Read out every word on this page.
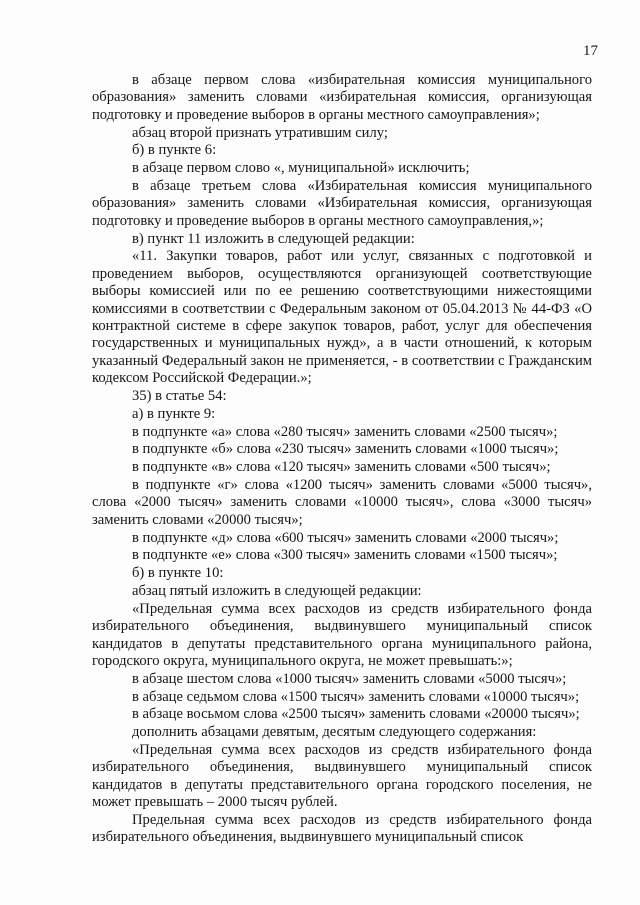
17

в абзаце первом слова «избирательная комиссия муниципального образования» заменить словами «избирательная комиссия, организующая подготовку и проведение выборов в органы местного самоуправления»;

абзац второй признать утратившим силу;

б) в пункте 6:

в абзаце первом слово «, муниципальной» исключить;

в абзаце третьем слова «Избирательная комиссия муниципального образования» заменить словами «Избирательная комиссия, организующая подготовку и проведение выборов в органы местного самоуправления,»;

в) пункт 11 изложить в следующей редакции:

«11. Закупки товаров, работ или услуг, связанных с подготовкой и проведением выборов, осуществляются организующей соответствующие выборы комиссией или по ее решению соответствующими нижестоящими комиссиями в соответствии с Федеральным законом от 05.04.2013 № 44-ФЗ «О контрактной системе в сфере закупок товаров, работ, услуг для обеспечения государственных и муниципальных нужд», а в части отношений, к которым указанный Федеральный закон не применяется, - в соответствии с Гражданским кодексом Российской Федерации.»;

35) в статье 54:

а) в пункте 9:

в подпункте «а» слова «280 тысяч» заменить словами «2500 тысяч»;

в подпункте «б» слова «230 тысяч» заменить словами «1000 тысяч»;

в подпункте «в» слова «120 тысяч» заменить словами «500 тысяч»;

в подпункте «г» слова «1200 тысяч» заменить словами «5000 тысяч», слова «2000 тысяч» заменить словами «10000 тысяч», слова «3000 тысяч» заменить словами «20000 тысяч»;

в подпункте «д» слова «600 тысяч» заменить словами «2000 тысяч»;

в подпункте «е» слова «300 тысяч» заменить словами «1500 тысяч»;

б) в пункте 10:

абзац пятый изложить в следующей редакции:

«Предельная сумма всех расходов из средств избирательного фонда избирательного объединения, выдвинувшего муниципальный список кандидатов в депутаты представительного органа муниципального района, городского округа, муниципального округа, не может превышать:»;

в абзаце шестом слова «1000 тысяч» заменить словами «5000 тысяч»;

в абзаце седьмом слова «1500 тысяч» заменить словами «10000 тысяч»;

в абзаце восьмом слова «2500 тысяч» заменить словами «20000 тысяч»;

дополнить абзацами девятым, десятым следующего содержания:

«Предельная сумма всех расходов из средств избирательного фонда избирательного объединения, выдвинувшего муниципальный список кандидатов в депутаты представительного органа городского поселения, не может превышать – 2000 тысяч рублей.

Предельная сумма всех расходов из средств избирательного фонда избирательного объединения, выдвинувшего муниципальный список
